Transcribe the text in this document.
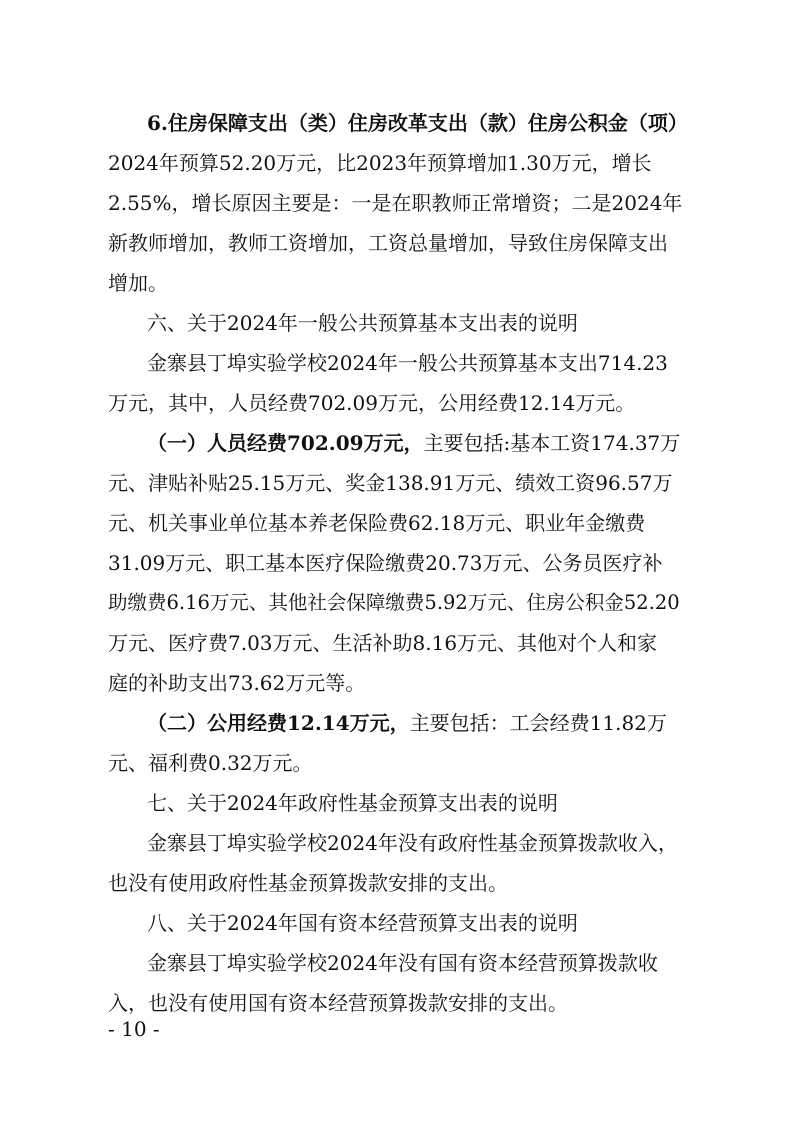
6.住房保障支出（类）住房改革支出（款）住房公积金（项）
2024年预算52.20万元，比2023年预算增加1.30万元，增长
2.55%，增长原因主要是：一是在职教师正常增资；二是2024年
新教师增加，教师工资增加，工资总量增加，导致住房保障支出
增加。
六、关于2024年一般公共预算基本支出表的说明
金寨县丁埠实验学校2024年一般公共预算基本支出714.23
万元，其中，人员经费702.09万元，公用经费12.14万元。
（一）人员经费702.09万元，主要包括:基本工资174.37万
元、津贴补贴25.15万元、奖金138.91万元、绩效工资96.57万
元、机关事业单位基本养老保险费62.18万元、职业年金缴费
31.09万元、职工基本医疗保险缴费20.73万元、公务员医疗补
助缴费6.16万元、其他社会保障缴费5.92万元、住房公积金52.20
万元、医疗费7.03万元、生活补助8.16万元、其他对个人和家
庭的补助支出73.62万元等。
（二）公用经费12.14万元，主要包括：工会经费11.82万
元、福利费0.32万元。
七、关于2024年政府性基金预算支出表的说明
金寨县丁埠实验学校2024年没有政府性基金预算拨款收入，
也没有使用政府性基金预算拨款安排的支出。
八、关于2024年国有资本经营预算支出表的说明
金寨县丁埠实验学校2024年没有国有资本经营预算拨款收
入，也没有使用国有资本经营预算拨款安排的支出。
- 10 -
